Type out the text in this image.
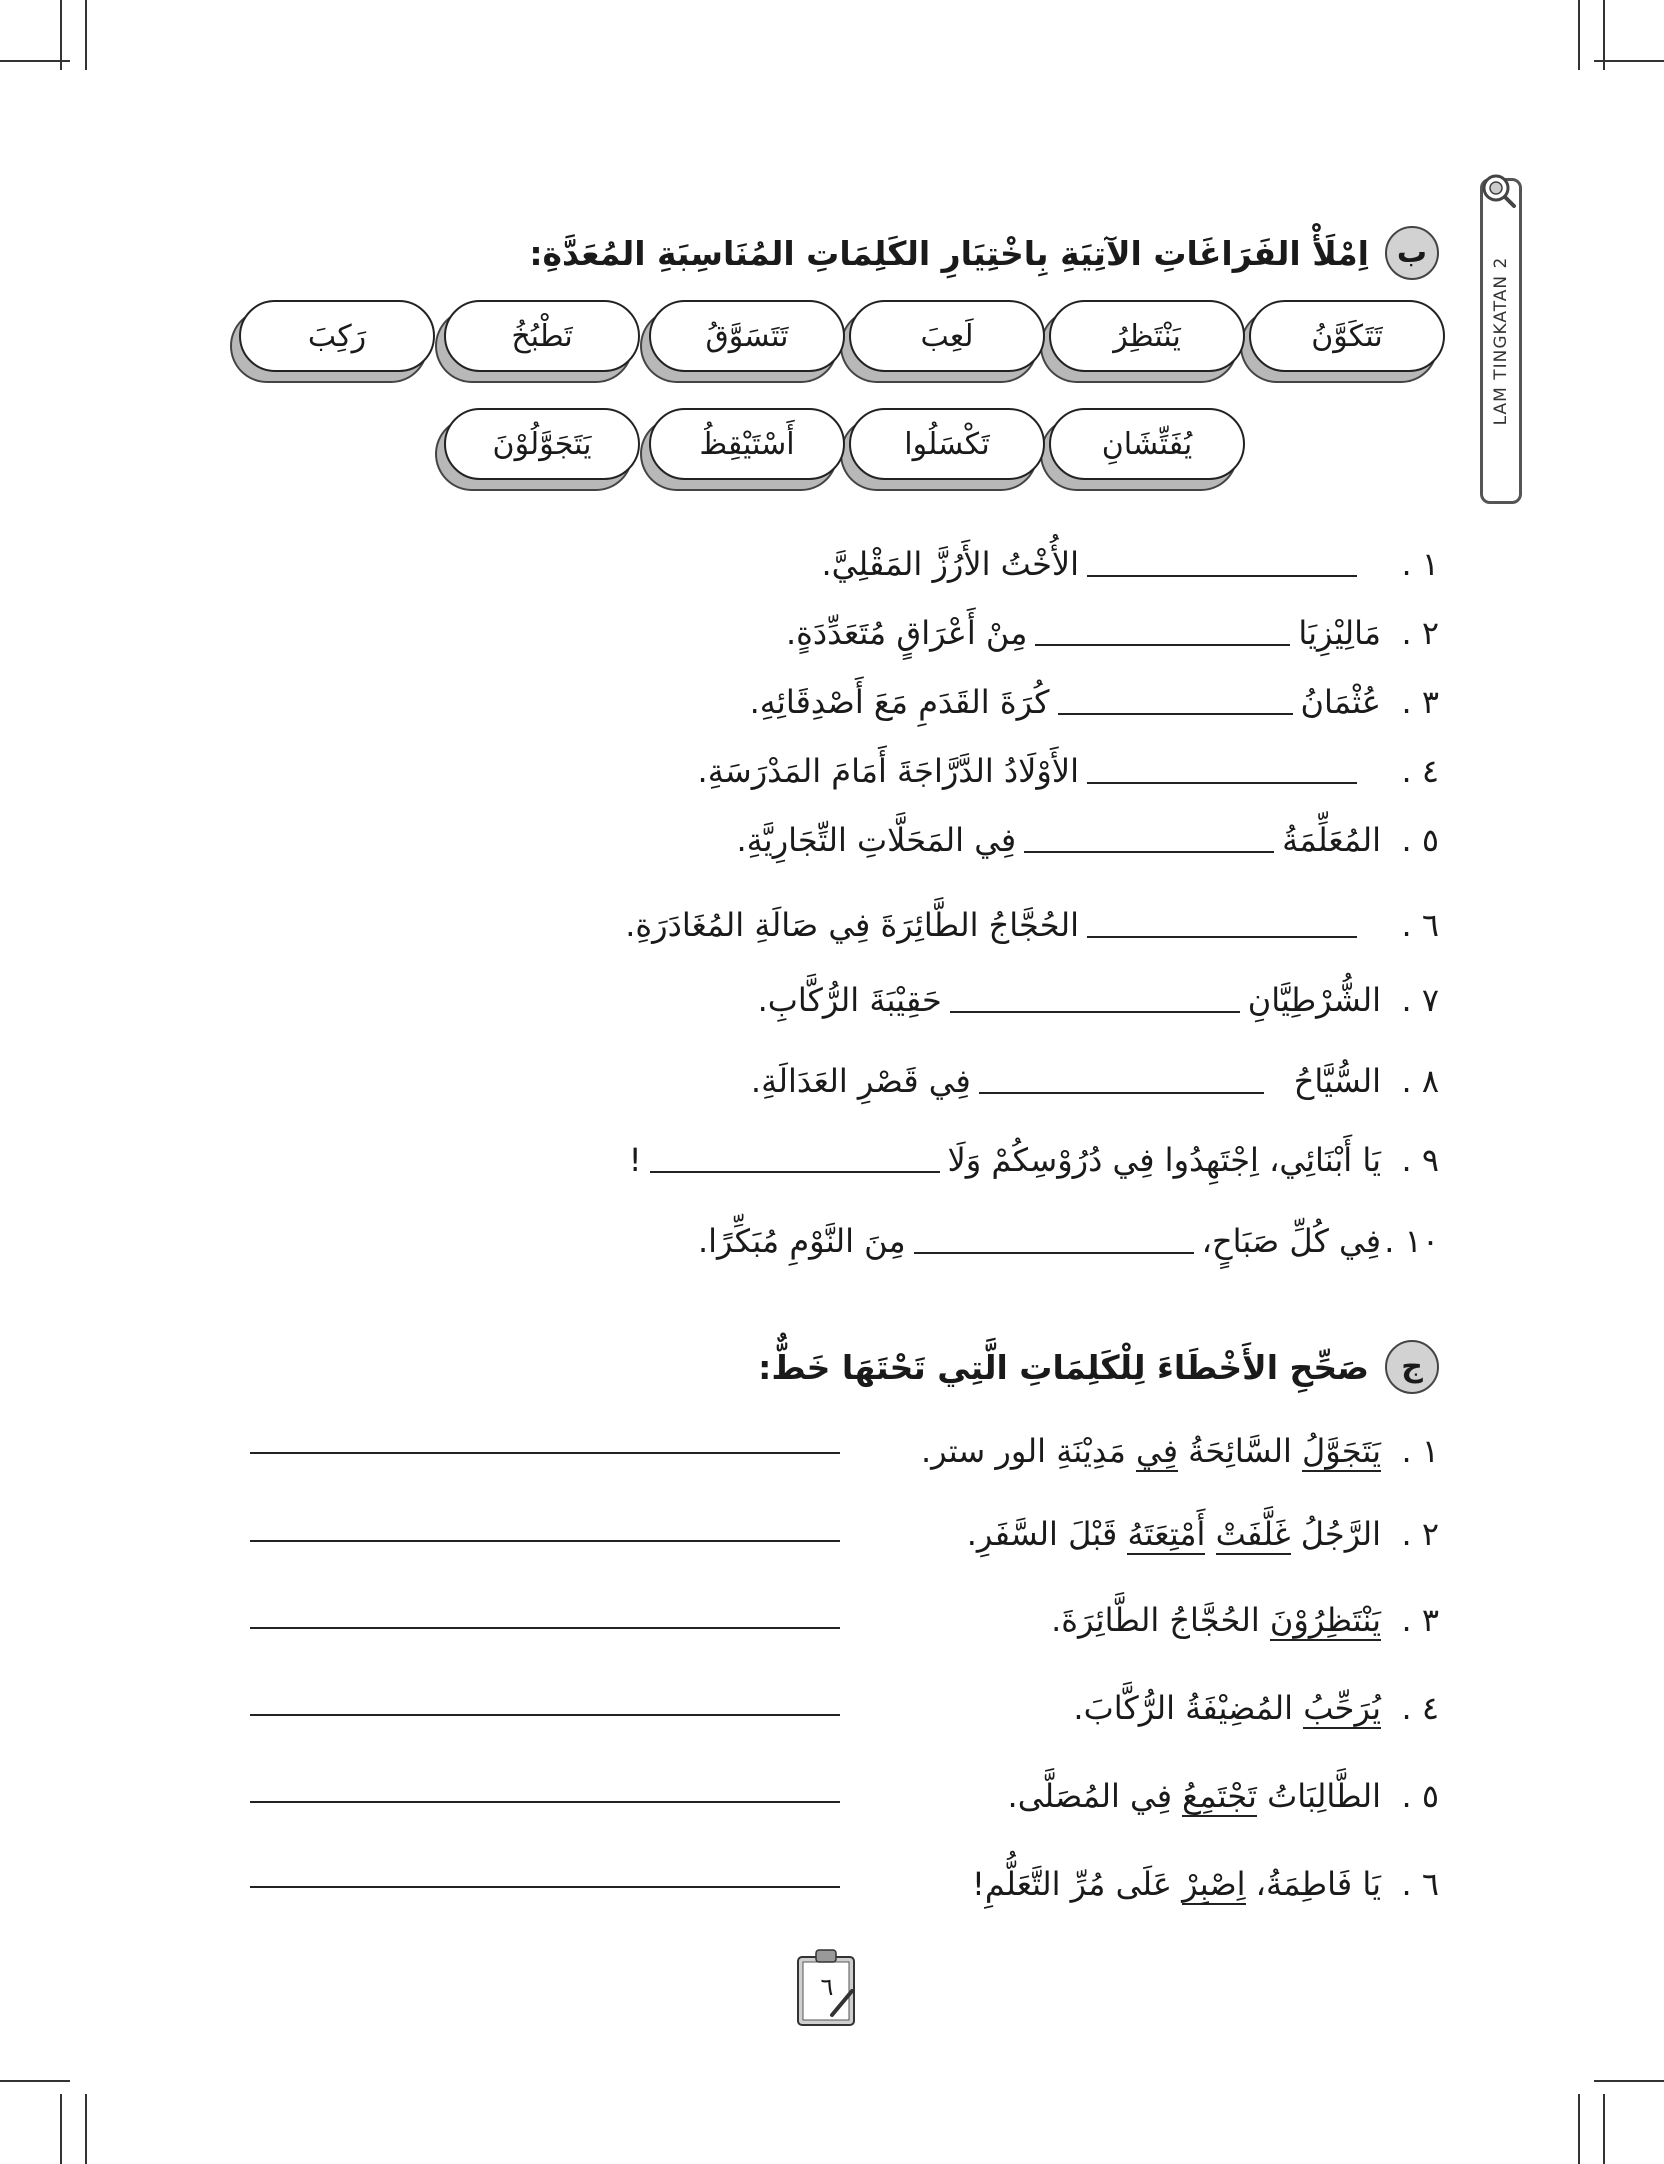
LAM TINGKATAN 2
ب
اِمْلَأْ الفَرَاغَاتِ الآتِيَةِ بِاخْتِيَارِ الكَلِمَاتِ المُنَاسِبَةِ المُعَدَّةِ:
تَتَكَوَّنُ
يَنْتَظِرُ
لَعِبَ
تَتَسَوَّقُ
تَطْبُخُ
رَكِبَ
يُفَتِّشَانِ
تَكْسَلُوا
أَسْتَيْقِظُ
يَتَجَوَّلُوْنَ
١ .
الأُخْتُ الأَرُزَّ المَقْلِيَّ.
٢ .
مَالِيْزِيَا
مِنْ أَعْرَاقٍ مُتَعَدِّدَةٍ.
٣ .
عُثْمَانُ
كُرَةَ القَدَمِ مَعَ أَصْدِقَائِهِ.
٤ .
الأَوْلَادُ الدَّرَّاجَةَ أَمَامَ المَدْرَسَةِ.
٥ .
المُعَلِّمَةُ
فِي المَحَلَّاتِ التِّجَارِيَّةِ.
٦ .
الحُجَّاجُ الطَّائِرَةَ فِي صَالَةِ المُغَادَرَةِ.
٧ .
الشُّرْطِيَّانِ
حَقِيْبَةَ الرُّكَّابِ.
٨ .
السُّيَّاحُ
فِي قَصْرِ العَدَالَةِ.
٩ .
يَا أَبْنَائِي، اِجْتَهِدُوا فِي دُرُوْسِكُمْ وَلَا
!
١٠ .
فِي كُلِّ صَبَاحٍ،
مِنَ النَّوْمِ مُبَكِّرًا.
ج
صَحِّحِ الأَخْطَاءَ لِلْكَلِمَاتِ الَّتِي تَحْتَهَا خَطٌّ:
١ .
يَتَجَوَّلُ السَّائِحَةُ فِي مَدِيْنَةِ الور ستر.
٢ .
الرَّجُلُ غَلَّفَتْ أَمْتِعَتَهُ قَبْلَ السَّفَرِ.
٣ .
يَنْتَظِرُوْنَ الحُجَّاجُ الطَّائِرَةَ.
٤ .
يُرَحِّبُ المُضِيْفَةُ الرُّكَّابَ.
٥ .
الطَّالِبَاتُ تَجْتَمِعُ فِي المُصَلَّى.
٦ .
يَا فَاطِمَةُ، اِصْبِرْ عَلَى مُرِّ التَّعَلُّمِ!
٦
